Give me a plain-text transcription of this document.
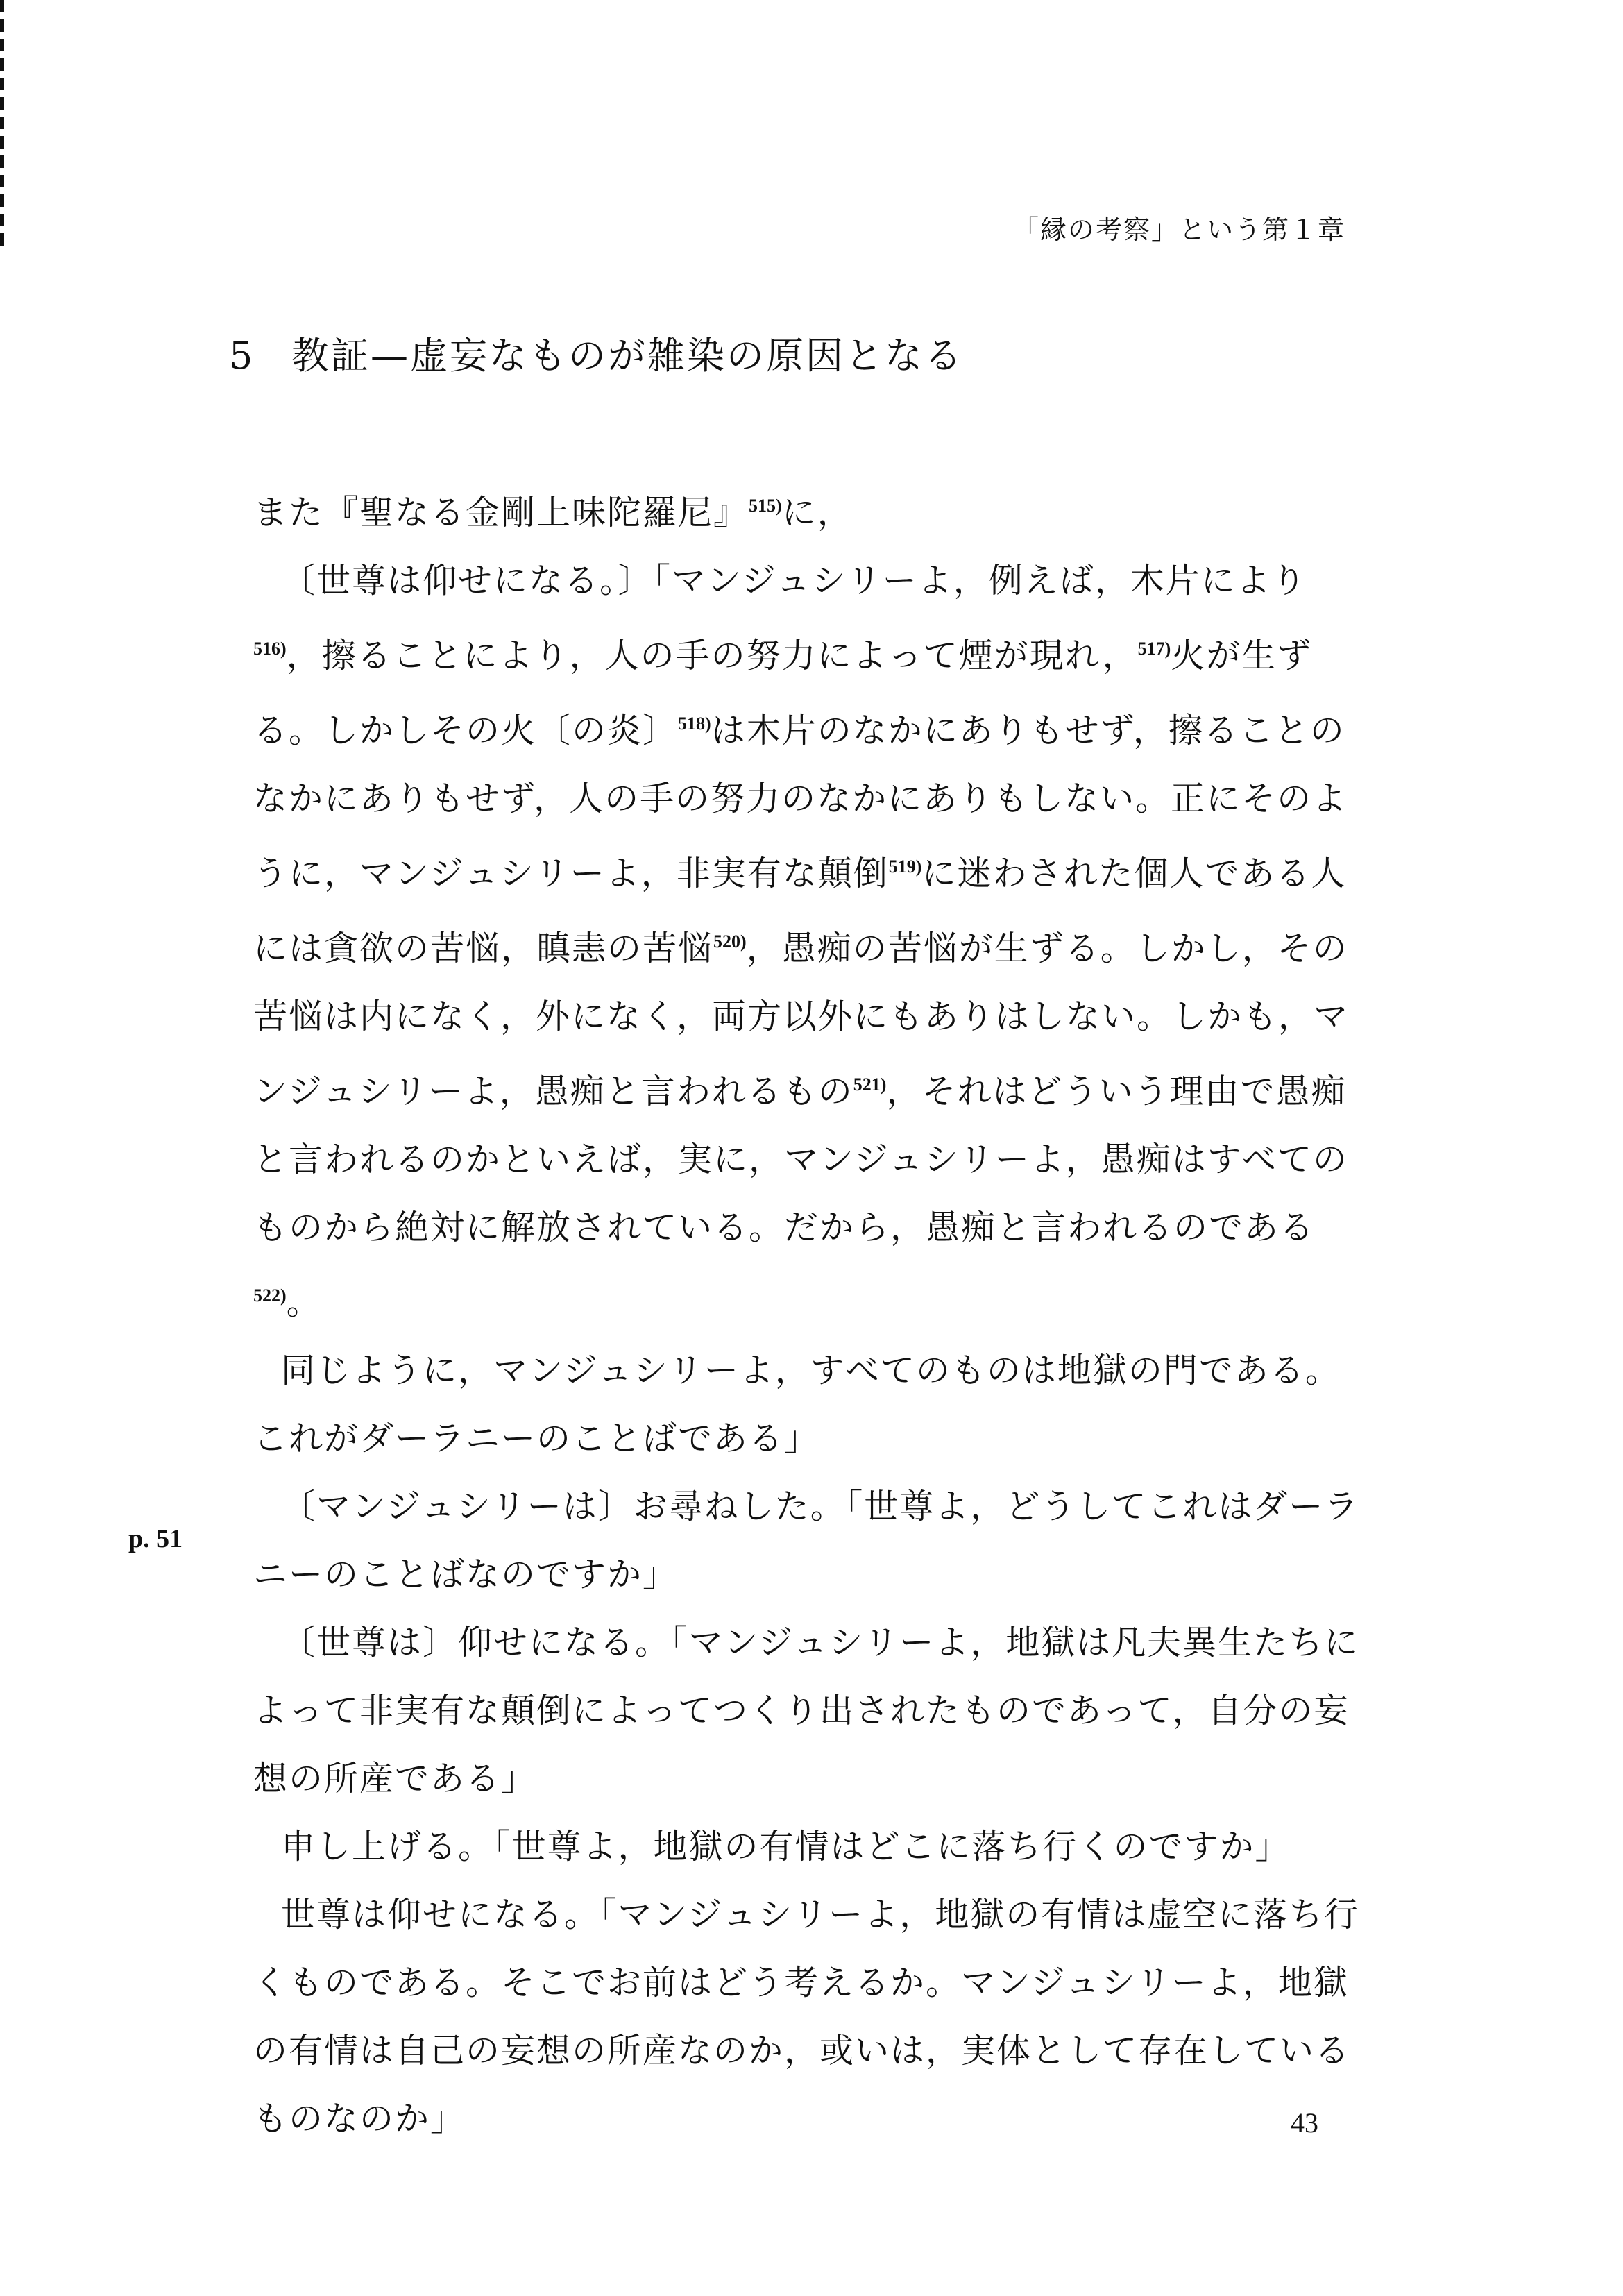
「縁の考察」という第１章
5 教証—虚妄なものが雑染の原因となる
p. 51

また『聖なる金剛上味陀羅尼』$^{515)}$に，

〔世尊は仰せになる。〕「マンジュシリーよ，例えば，木片により$^{516)}$，擦ることにより，人の手の努力によって煙が現れ，$^{517)}$火が生ずる。しかしその火〔の炎〕$^{518)}$は木片のなかにありもせず，擦ることのなかにありもせず，人の手の努力のなかにありもしない。正にそのように，マンジュシリーよ，非実有な顛倒$^{519)}$に迷わされた個人である人には貪欲の苦悩，瞋恚の苦悩$^{520)}$，愚痴の苦悩が生ずる。しかし，その苦悩は内になく，外になく，両方以外にもありはしない。しかも，マンジュシリーよ，愚痴と言われるもの$^{521)}$，それはどういう理由で愚痴と言われるのかといえば，実に，マンジュシリーよ，愚痴はすべてのものから絶対に解放されている。だから，愚痴と言われるのである$^{522)}$。

同じように，マンジュシリーよ，すべてのものは地獄の門である。これがダーラニーのことばである」

〔マンジュシリーは〕お尋ねした。「世尊よ，どうしてこれはダーラニーのことばなのですか」

〔世尊は〕仰せになる。「マンジュシリーよ，地獄は凡夫異生たちによって非実有な顛倒によってつくり出されたものであって，自分の妄想の所産である」

申し上げる。「世尊よ，地獄の有情はどこに落ち行くのですか」

世尊は仰せになる。「マンジュシリーよ，地獄の有情は虚空に落ち行くものである。そこでお前はどう考えるか。マンジュシリーよ，地獄の有情は自己の妄想の所産なのか，或いは，実体として存在しているものなのか」	43
